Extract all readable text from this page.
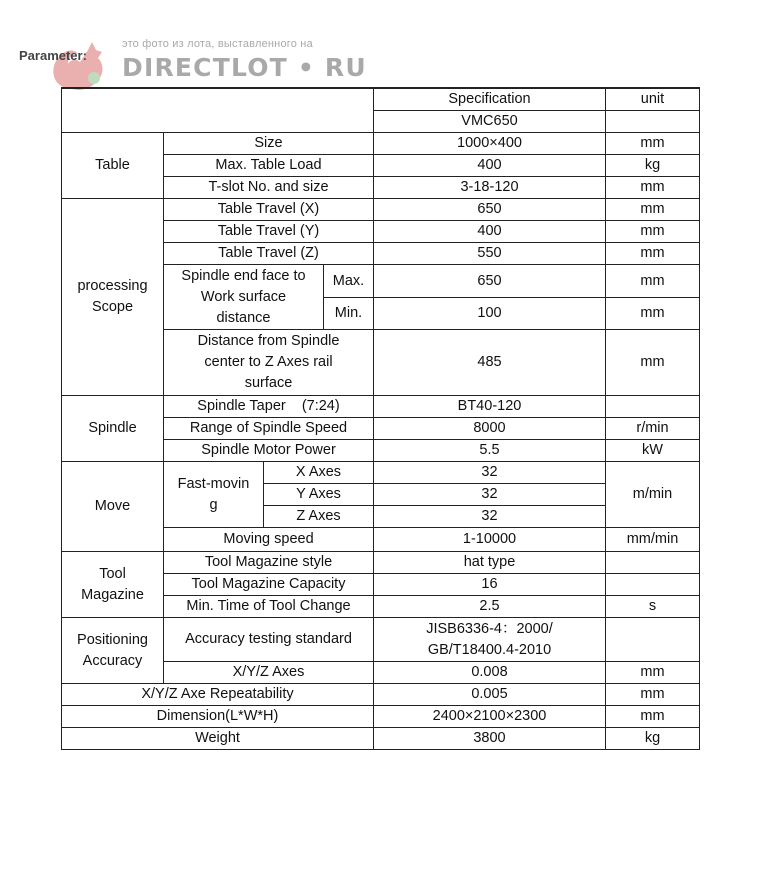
Parameter:
это фото из лота, выставленного на
DIRECTLOT • RU
				Specification	unit
				VMC650	
Table	Size			1000×400	mm
	Max. Table Load			400	kg
	T-slot No. and size			3-18-120	mm
processing
Scope	Table Travel (X)			650	mm
	Table Travel (Y)			400	mm
	Table Travel (Z)			550	mm
	Spindle end face to
Work surface
distance		Max.	650	mm
			Min.	100	mm
	Distance from Spindle
center to Z Axes rail
surface			485	mm
Spindle	Spindle Taper    (7:24)			BT40-120	
	Range of Spindle Speed			8000	r/min
	Spindle Motor Power			5.5	kW
Move	Fast-movin
g	X Axes		32	m/min
		Y Axes		32	
		Z Axes		32	
	Moving speed			1-10000	mm/min
Tool
Magazine	Tool Magazine style			hat type	
	Tool Magazine Capacity			16	
	Min. Time of Tool Change			2.5	s
Positioning
Accuracy	Accuracy testing standard			JISB6336-4：2000/
GB/T18400.4-2010	
	X/Y/Z Axes			0.008	mm
X/Y/Z Axe Repeatability				0.005	mm
Dimension(L*W*H)				2400×2100×2300	mm
Weight				3800	kg
